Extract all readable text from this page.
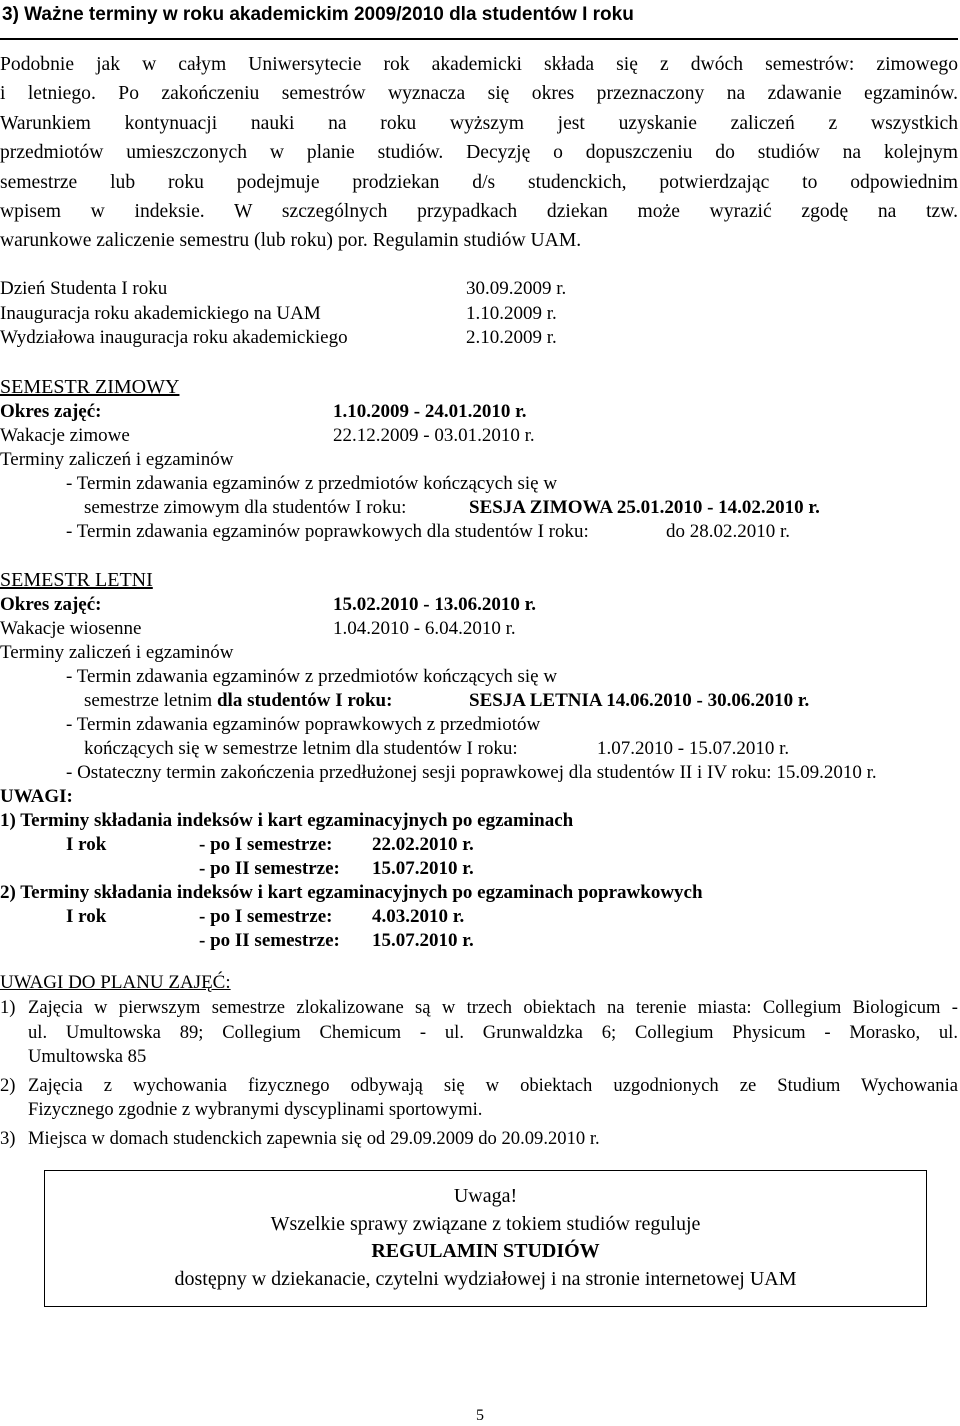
3) Ważne terminy w roku akademickim 2009/2010 dla studentów I roku
Podobnie jak w całym Uniwersytecie rok akademicki składa się z dwóch semestrów: zimowego
i letniego. Po zakończeniu semestrów wyznacza się okres przeznaczony na zdawanie egzaminów.
Warunkiem kontynuacji nauki na roku wyższym jest uzyskanie zaliczeń z wszystkich
przedmiotów umieszczonych w planie studiów. Decyzję o dopuszczeniu do studiów na kolejnym
semestrze lub roku podejmuje prodziekan d/s studenckich, potwierdzając to odpowiednim
wpisem w indeksie. W szczególnych przypadkach dziekan może wyrazić zgodę na tzw.
warunkowe zaliczenie semestru (lub roku) por. Regulamin studiów UAM.
Dzień Studenta I roku	30.09.2009 r.
Inauguracja roku akademickiego na UAM	1.10.2009 r.
Wydziałowa inauguracja roku akademickiego	2.10.2009 r.
SEMESTR ZIMOWY
Okres zajęć:	1.10.2009 - 24.01.2010 r.
Wakacje zimowe	22.12.2009 - 03.01.2010 r.
Terminy zaliczeń i egzaminów
- Termin zdawania egzaminów z przedmiotów kończących się w
semestrze zimowym dla studentów I roku:	SESJA ZIMOWA 25.01.2010 - 14.02.2010 r.
- Termin zdawania egzaminów poprawkowych dla studentów I roku:	do 28.02.2010 r.
SEMESTR LETNI
Okres zajęć:	15.02.2010 - 13.06.2010 r.
Wakacje wiosenne	1.04.2010 - 6.04.2010 r.
Terminy zaliczeń i egzaminów
- Termin zdawania egzaminów z przedmiotów kończących się w
semestrze letnim dla studentów I roku:	SESJA LETNIA 14.06.2010 - 30.06.2010 r.
- Termin zdawania egzaminów poprawkowych z przedmiotów
kończących się w semestrze letnim dla studentów I roku:	1.07.2010 - 15.07.2010 r.
- Ostateczny termin zakończenia przedłużonej sesji poprawkowej dla studentów II i IV roku: 15.09.2010 r.
UWAGI:
1) Terminy składania indeksów i kart egzaminacyjnych po egzaminach
I rok	- po I semestrze: 22.02.2010 r.
- po II semestrze: 15.07.2010 r.
2) Terminy składania indeksów i kart egzaminacyjnych po egzaminach poprawkowych
I rok	- po I semestrze: 4.03.2010 r.
- po II semestrze: 15.07.2010 r.
UWAGI DO PLANU ZAJĘĆ:
1) Zajęcia w pierwszym semestrze zlokalizowane są w trzech obiektach na terenie miasta: Collegium Biologicum -
ul. Umultowska 89; Collegium Chemicum - ul. Grunwaldzka 6; Collegium Physicum - Morasko, ul.
Umultowska 85
2) Zajęcia z wychowania fizycznego odbywają się w obiektach uzgodnionych ze Studium Wychowania
Fizycznego zgodnie z wybranymi dyscyplinami sportowymi.
3) Miejsca w domach studenckich zapewnia się od 29.09.2009 do 20.09.2010 r.
Uwaga!
Wszelkie sprawy związane z tokiem studiów reguluje
REGULAMIN STUDIÓW
dostępny w dziekanacie, czytelni wydziałowej i na stronie internetowej UAM
5
